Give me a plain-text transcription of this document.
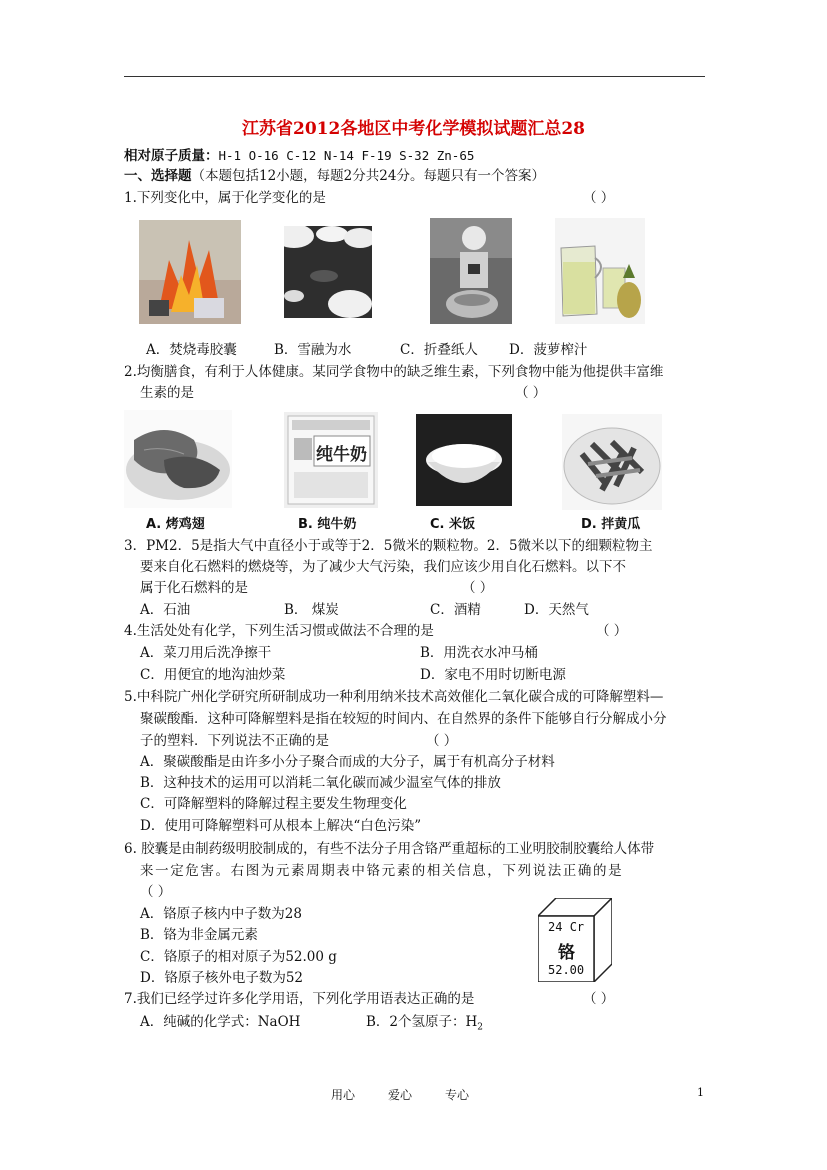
江苏省2012各地区中考化学模拟试题汇总28
相对原子质量：H-1 O-16 C-12 N-14 F-19 S-32 Zn-65
一、选择题（本题包括12小题，每题2分共24分。每题只有一个答案）
1.下列变化中，属于化学变化的是	（ ）
A．焚烧毒胶囊	B．雪融为水	C．折叠纸人 D．菠萝榨汁
2.均衡膳食，有利于人体健康。某同学食物中的缺乏维生素，下列食物中能为他提供丰富维
生素的是	（ ）
纯牛奶
A. 烤鸡翅	B. 纯牛奶	C. 米饭	D. 拌黄瓜
3．PM2．5是指大气中直径小于或等于2．5微米的颗粒物。2．5微米以下的细颗粒物主
要来自化石燃料的燃烧等，为了减少大气污染，我们应该少用自化石燃料。以下不
属于化石燃料的是	（ ）
A．石油	B． 煤炭	C．酒精	D．天然气
4.生活处处有化学，下列生活习惯或做法不合理的是	（ ）
A．菜刀用后洗净擦干	B．用洗衣水冲马桶
C．用便宜的地沟油炒菜	D．家电不用时切断电源
5.中科院广州化学研究所研制成功一种利用纳米技术高效催化二氧化碳合成的可降解塑料—
聚碳酸酯．这种可降解塑料是指在较短的时间内、在自然界的条件下能够自行分解成小分
子的塑料．下列说法不正确的是	（ ）
A．聚碳酸酯是由许多小分子聚合而成的大分子，属于有机高分子材料
B．这种技术的运用可以消耗二氧化碳而减少温室气体的排放
C．可降解塑料的降解过程主要发生物理变化
D．使用可降解塑料可从根本上解决“白色污染”
6. 胶囊是由制药级明胶制成的，有些不法分子用含铬严重超标的工业明胶制胶囊给人体带
来一定危害。右图为元素周期表中铬元素的相关信息，下列说法正确的是
（ ）
A．铬原子核内中子数为28
B．铬为非金属元素
C．铬原子的相对原子为52.00 g
D．铬原子核外电子数为52
24 Cr
铬
52.00
7.我们已经学过许多化学用语，下列化学用语表达正确的是	（ ）
A．纯碱的化学式：NaOH	B．2个氢原子：$H_2$
用心	爱心	专心	1
